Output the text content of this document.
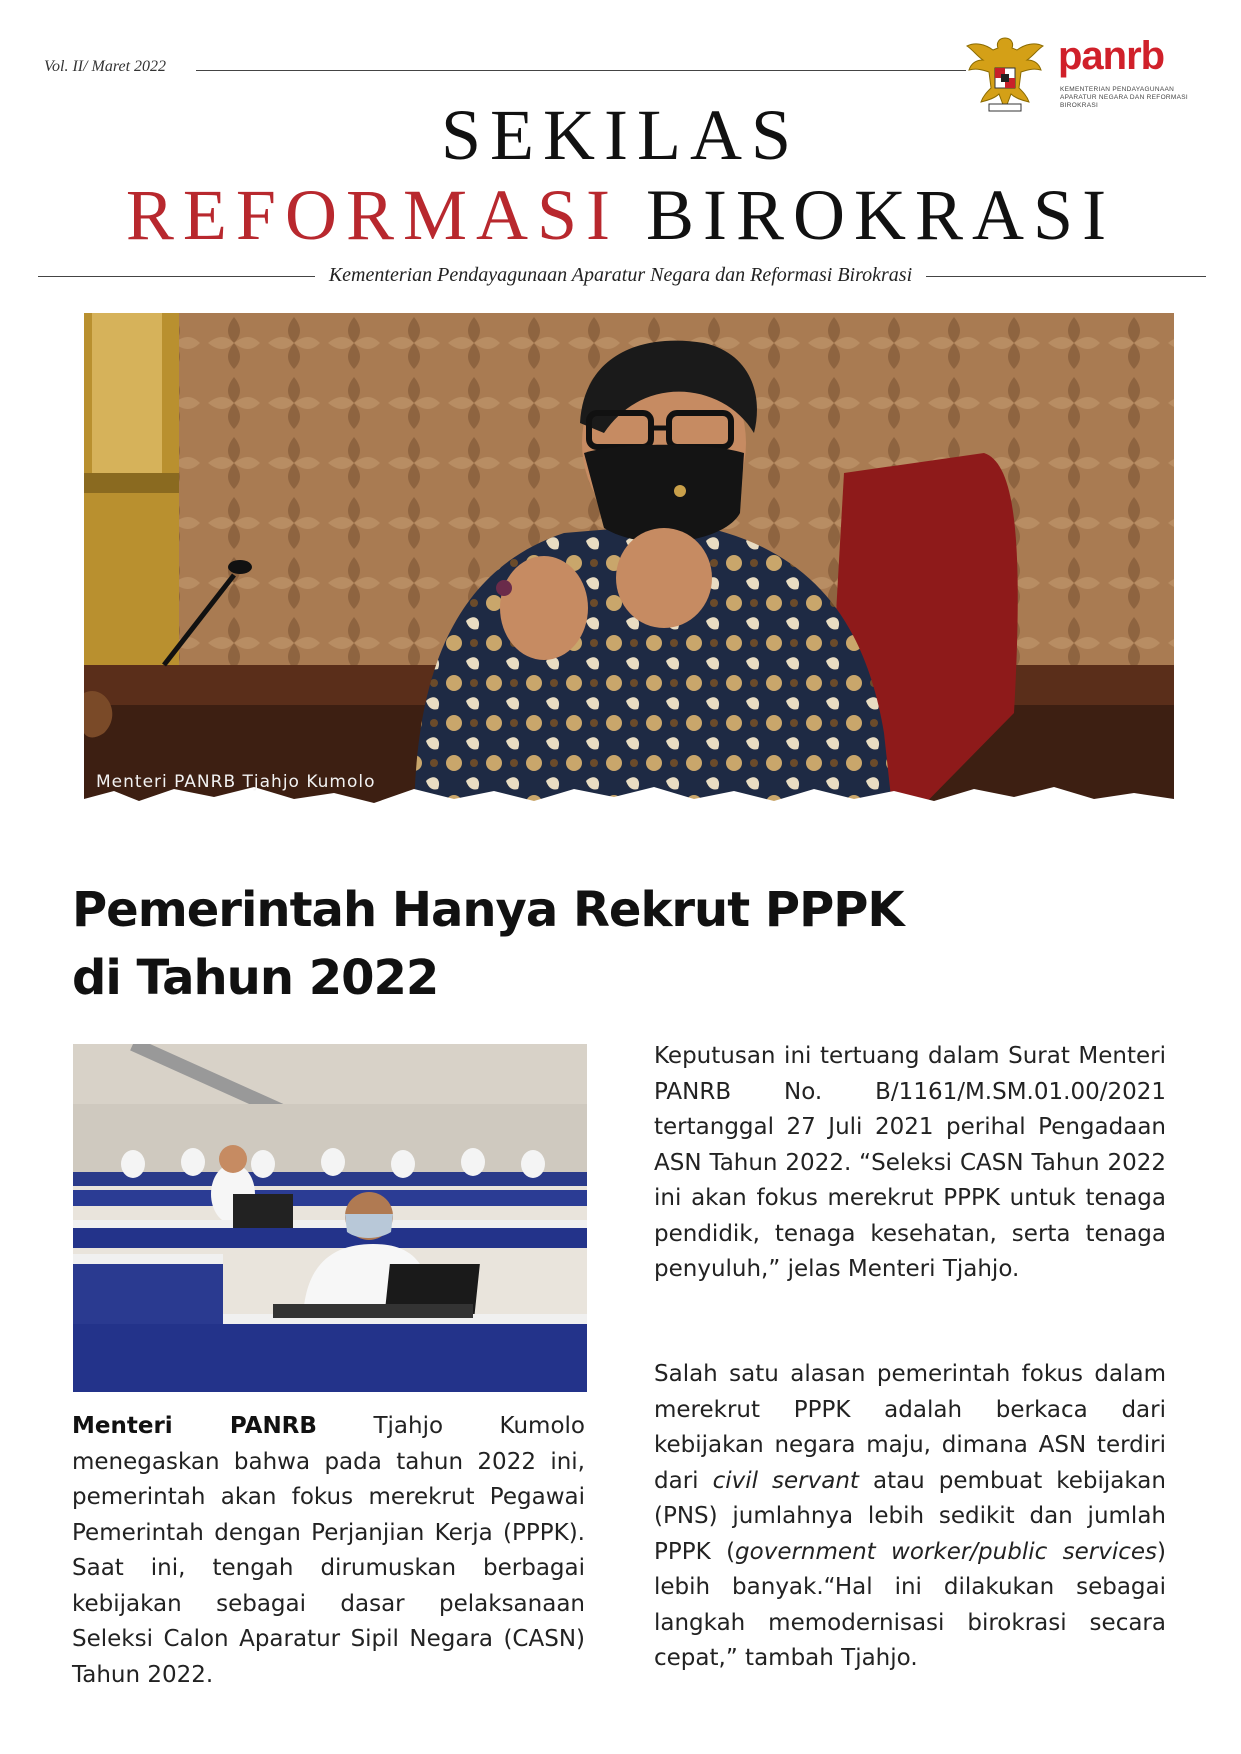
Vol. II/ Maret 2022	panrb
KEMENTERIAN PENDAYAGUNAAN APARATUR NEGARA DAN REFORMASI BIROKRASI
SEKILAS
REFORMASI BIROKRASI
Kementerian Pendayagunaan Aparatur Negara dan Reformasi Birokrasi
Menteri PANRB Tjahjo Kumolo
Pemerintah Hanya Rekrut PPPK
di Tahun 2022
Menteri PANRB Tjahjo Kumolo menegaskan bahwa pada tahun 2022 ini, pemerintah akan fokus merekrut Pegawai Pemerintah dengan Perjanjian Kerja (PPPK). Saat ini, tengah dirumuskan berbagai kebijakan sebagai dasar pelaksanaan Seleksi Calon Aparatur Sipil Negara (CASN) Tahun 2022.
Keputusan ini tertuang dalam Surat Menteri PANRB No. B/1161/M.SM.01.00/2021 tertanggal 27 Juli 2021 perihal Pengadaan ASN Tahun 2022. “Seleksi CASN Tahun 2022 ini akan fokus merekrut PPPK untuk tenaga pendidik, tenaga kesehatan, serta tenaga penyuluh,” jelas Menteri Tjahjo.
Salah satu alasan pemerintah fokus dalam merekrut PPPK adalah berkaca dari kebijakan negara maju, dimana ASN terdiri dari civil servant atau pembuat kebijakan (PNS) jumlahnya lebih sedikit dan jumlah PPPK (government worker/public services) lebih banyak.“Hal ini dilakukan sebagai langkah memodernisasi birokrasi secara cepat,” tambah Tjahjo.
